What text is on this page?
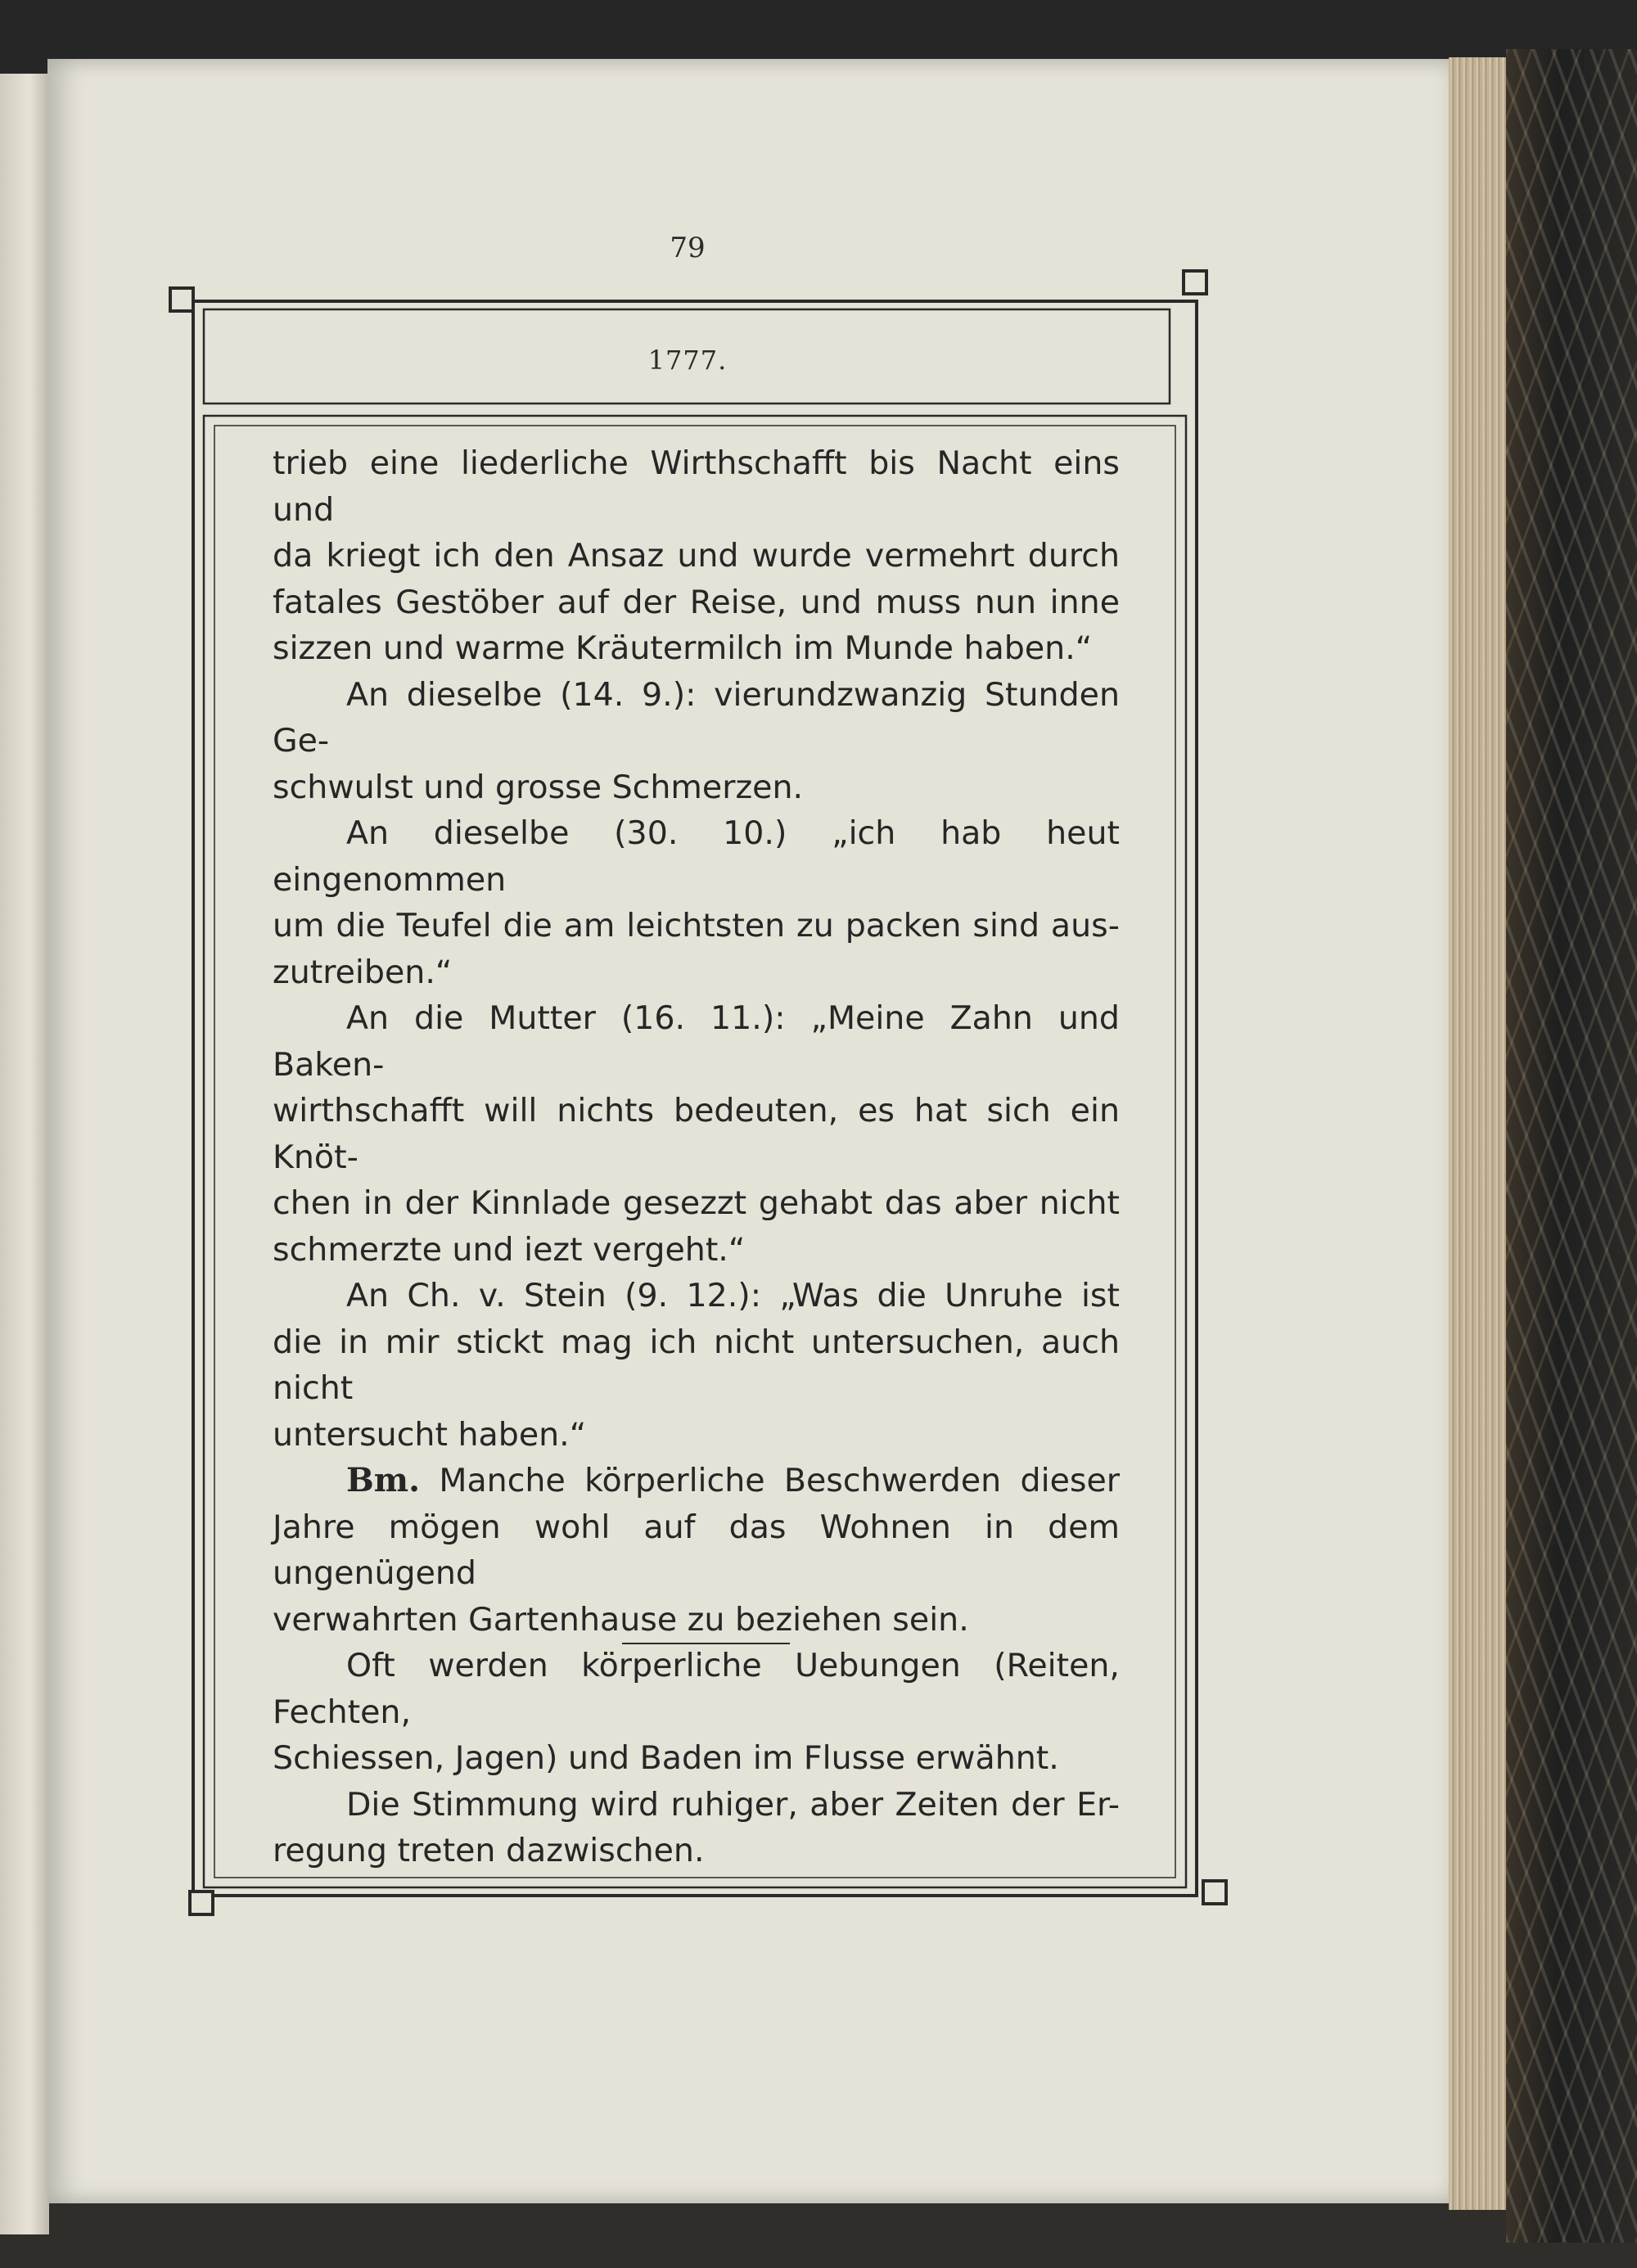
79
1777.

trieb eine liederliche Wirthschafft bis Nacht eins und

da kriegt ich den Ansaz und wurde vermehrt durch

fatales Gestöber auf der Reise, und muss nun inne

sizzen und warme Kräutermilch im Munde haben.“

An dieselbe (14. 9.): vierundzwanzig Stunden Ge-

schwulst und grosse Schmerzen.

An dieselbe (30. 10.) „ich hab heut eingenommen

um die Teufel die am leichtsten zu packen sind aus-

zutreiben.“

An die Mutter (16. 11.): „Meine Zahn und Baken-

wirthschafft will nichts bedeuten, es hat sich ein Knöt-

chen in der Kinnlade gesezzt gehabt das aber nicht

schmerzte und iezt vergeht.“

An Ch. v. Stein (9. 12.): „Was die Unruhe ist

die in mir stickt mag ich nicht untersuchen, auch nicht

untersucht haben.“

Bm. Manche körperliche Beschwerden dieser

Jahre mögen wohl auf das Wohnen in dem ungenügend

verwahrten Gartenhause zu beziehen sein.

Oft werden körperliche Uebungen (Reiten, Fechten,

Schiessen, Jagen) und Baden im Flusse erwähnt.

Die Stimmung wird ruhiger, aber Zeiten der Er-

regung treten dazwischen.
